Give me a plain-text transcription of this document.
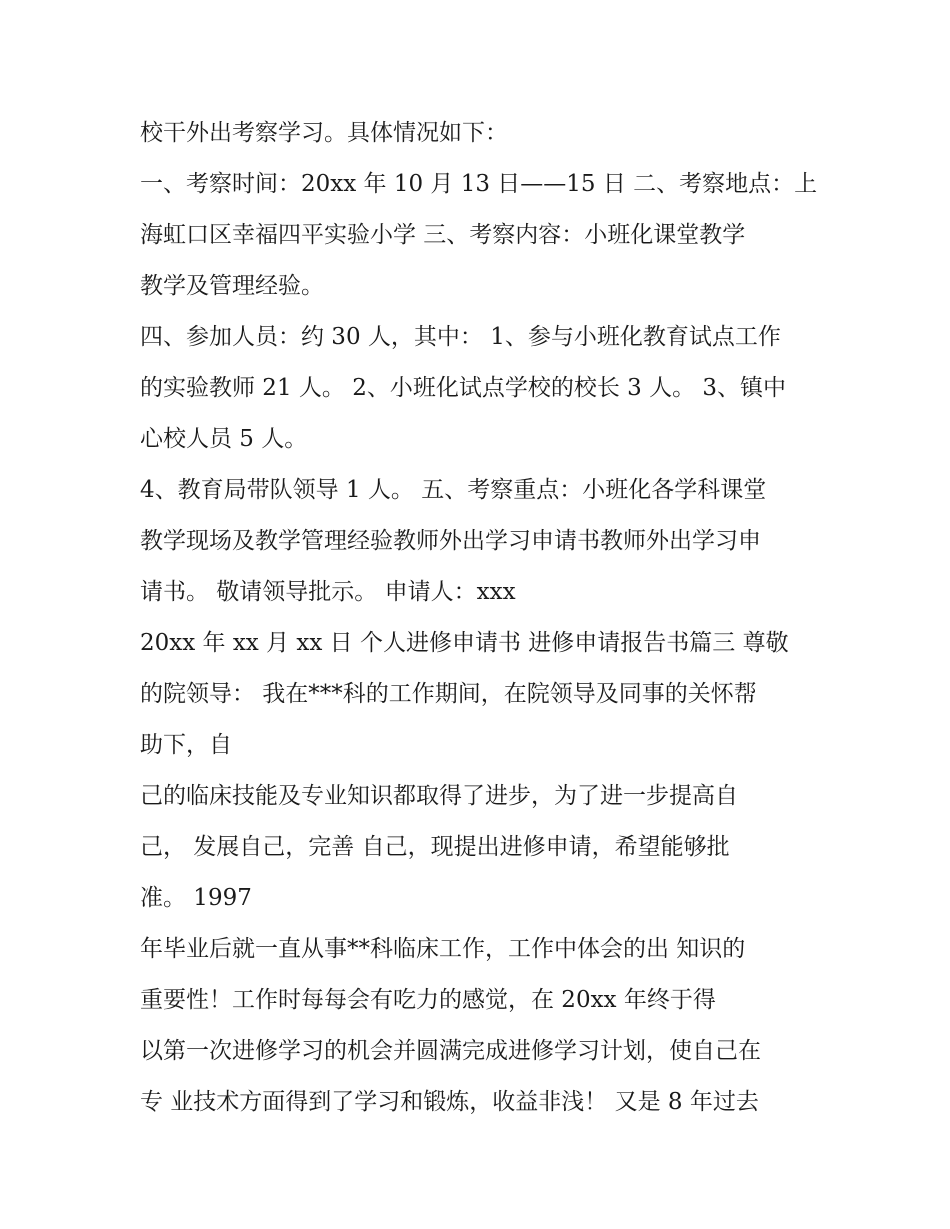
校干外出考察学习。具体情况如下：
一、考察时间：20xx 年 10 月 13 日——15 日 二、考察地点：上
海虹口区幸福四平实验小学 三、考察内容：小班化课堂教学
教学及管理经验。
四、参加人员：约 30 人，其中： 1、参与小班化教育试点工作
的实验教师 21 人。 2、小班化试点学校的校长 3 人。 3、镇中
心校人员 5 人。
4、教育局带队领导 1 人。 五、考察重点：小班化各学科课堂
教学现场及教学管理经验教师外出学习申请书教师外出学习申
请书。 敬请领导批示。 申请人：xxx
20xx 年 xx 月 xx 日 个人进修申请书 进修申请报告书篇三 尊敬
的院领导： 我在***科的工作期间，在院领导及同事的关怀帮
助下，自
己的临床技能及专业知识都取得了进步，为了进一步提高自
己， 发展自己，完善 自己，现提出进修申请，希望能够批
准。 1997
年毕业后就一直从事**科临床工作，工作中体会的出 知识的
重要性！工作时每每会有吃力的感觉，在 20xx 年终于得
以第一次进修学习的机会并圆满完成进修学习计划，使自己在
专 业技术方面得到了学习和锻炼，收益非浅！ 又是 8 年过去
